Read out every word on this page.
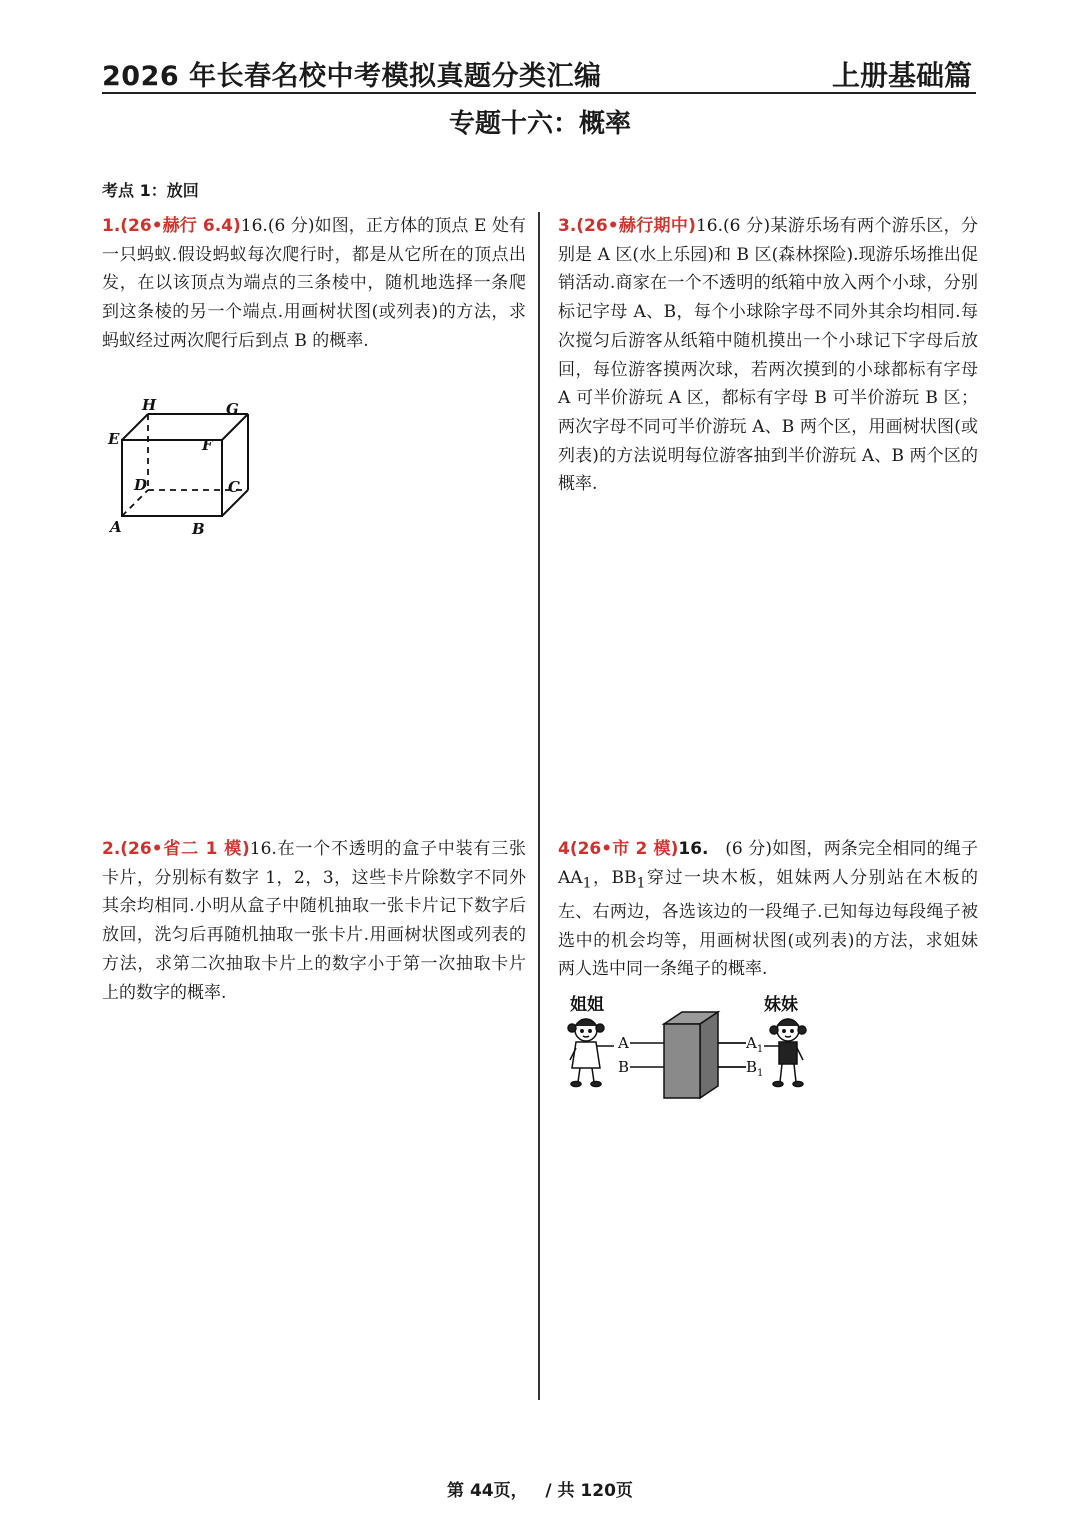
2026 年长春名校中考模拟真题分类汇编	上册基础篇
专题十六：概率
考点 1：放回
1.(26•赫行 6.4)16.(6 分)如图，正方体的顶点 E 处有一只蚂蚁.假设蚂蚁每次爬行时，都是从它所在的顶点出发，在以该顶点为端点的三条棱中，随机地选择一条爬到这条棱的另一个端点.用画树状图(或列表)的方法，求蚂蚁经过两次爬行后到点 B 的概率.
H	G
E	F
D	C
A	B
2.(26•省二 1 模)16.在一个不透明的盒子中装有三张卡片，分别标有数字 1，2，3，这些卡片除数字不同外其余均相同.小明从盒子中随机抽取一张卡片记下数字后放回，洗匀后再随机抽取一张卡片.用画树状图或列表的方法，求第二次抽取卡片上的数字小于第一次抽取卡片上的数字的概率.
3.(26•赫行期中)16.(6 分)某游乐场有两个游乐区，分别是 A 区(水上乐园)和 B 区(森林探险).现游乐场推出促销活动.商家在一个不透明的纸箱中放入两个小球，分别标记字母 A、B，每个小球除字母不同外其余均相同.每次搅匀后游客从纸箱中随机摸出一个小球记下字母后放回，每位游客摸两次球，若两次摸到的小球都标有字母 A 可半价游玩 A 区，都标有字母 B 可半价游玩 B 区；两次字母不同可半价游玩 A、B 两个区，用画树状图(或列表)的方法说明每位游客抽到半价游玩 A、B 两个区的概率.
4(26•市 2 模)16. (6 分)如图，两条完全相同的绳子 $AA_1$，$BB_1$穿过一块木板，姐妹两人分别站在木板的左、右两边，各选该边的一段绳子.已知每边每段绳子被选中的机会均等，用画树状图(或列表)的方法，求姐妹两人选中同一条绳子的概率.
姐姐	妹妹
A
B
$A_1$
$B_1$
第 44页， / 共 120页
